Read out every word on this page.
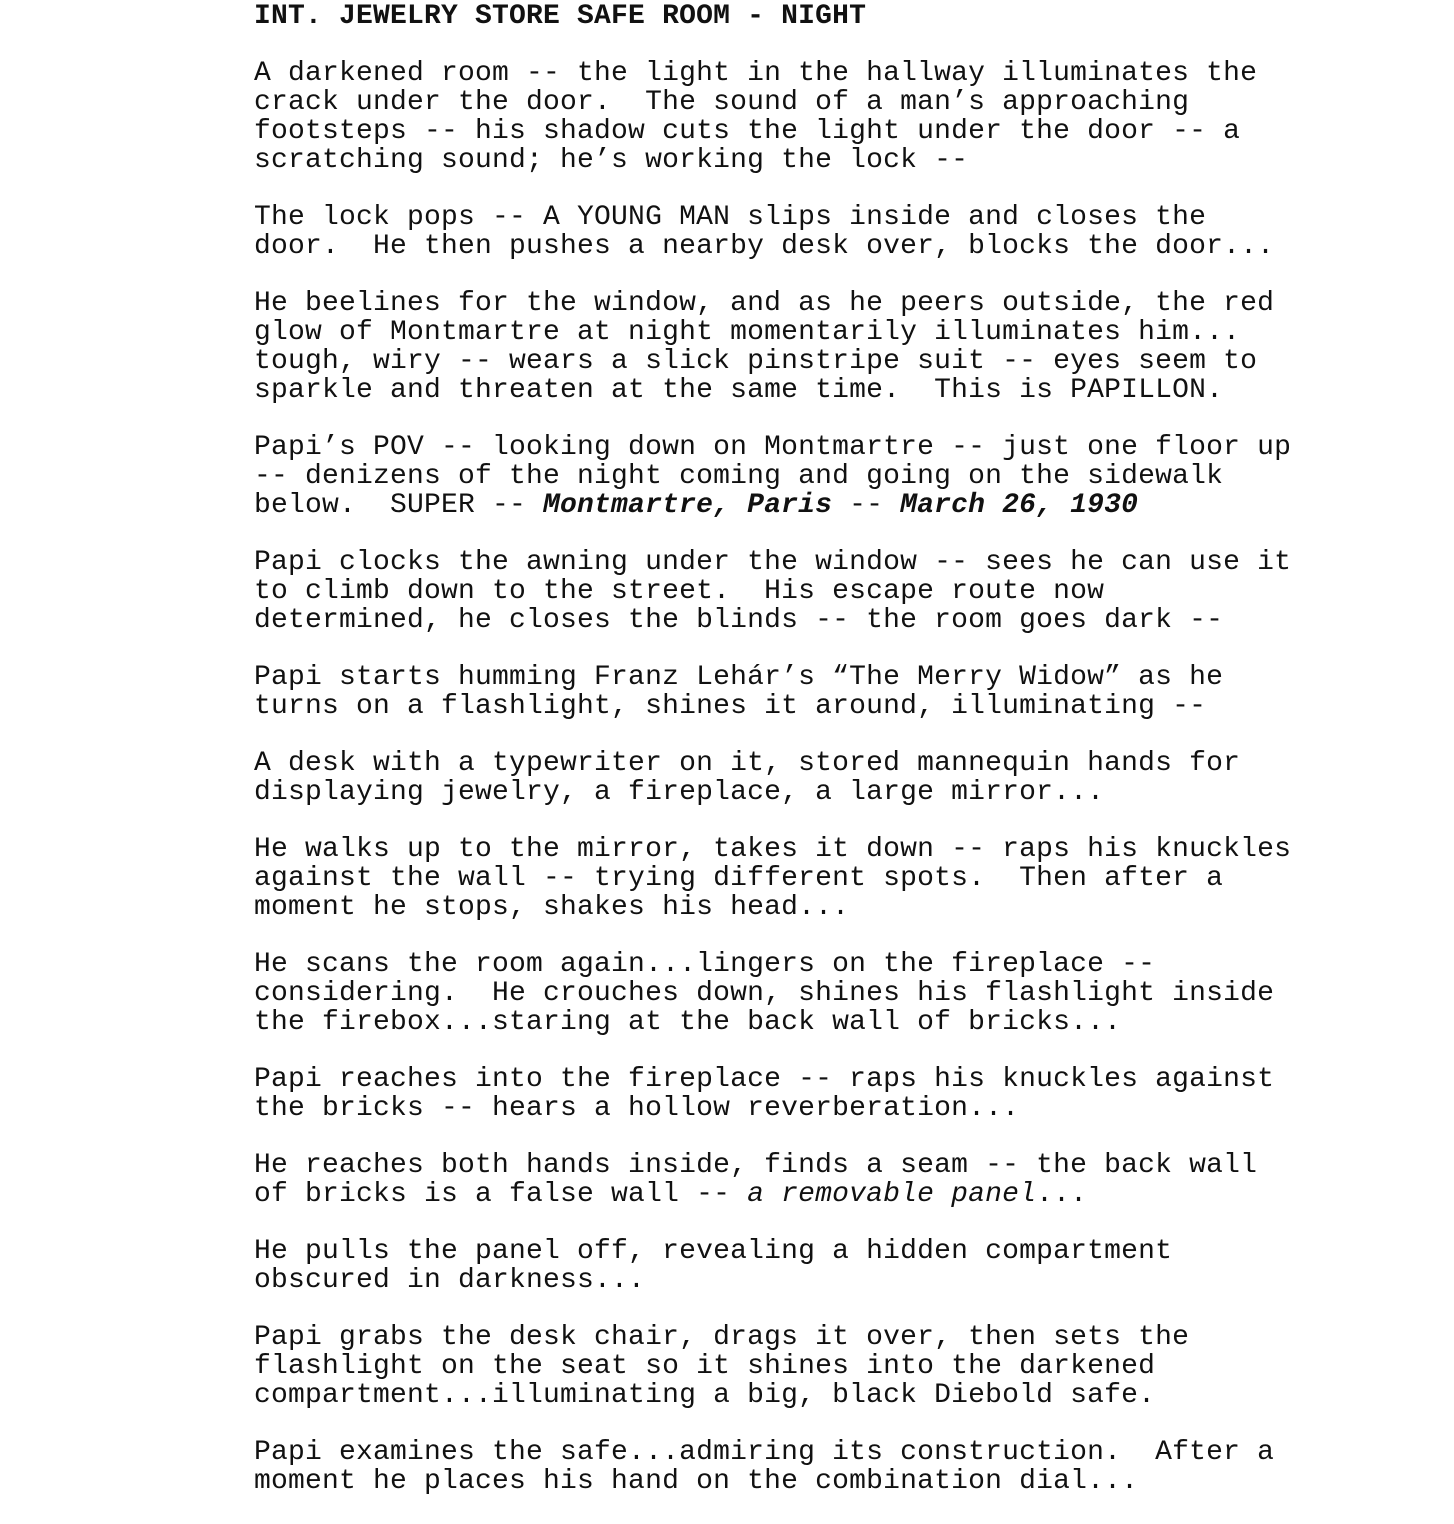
INT. JEWELRY STORE SAFE ROOM - NIGHT
A darkened room -- the light in the hallway illuminates the
crack under the door.  The sound of a man’s approaching
footsteps -- his shadow cuts the light under the door -- a
scratching sound; he’s working the lock --
The lock pops -- A YOUNG MAN slips inside and closes the
door.  He then pushes a nearby desk over, blocks the door...
He beelines for the window, and as he peers outside, the red
glow of Montmartre at night momentarily illuminates him...
tough, wiry -- wears a slick pinstripe suit -- eyes seem to
sparkle and threaten at the same time.  This is PAPILLON.
Papi’s POV -- looking down on Montmartre -- just one floor up
-- denizens of the night coming and going on the sidewalk
below.  SUPER -- Montmartre, Paris -- March 26, 1930
Papi clocks the awning under the window -- sees he can use it
to climb down to the street.  His escape route now
determined, he closes the blinds -- the room goes dark --
Papi starts humming Franz Lehár’s “The Merry Widow” as he
turns on a flashlight, shines it around, illuminating --
A desk with a typewriter on it, stored mannequin hands for
displaying jewelry, a fireplace, a large mirror...
He walks up to the mirror, takes it down -- raps his knuckles
against the wall -- trying different spots.  Then after a
moment he stops, shakes his head...
He scans the room again...lingers on the fireplace --
considering.  He crouches down, shines his flashlight inside
the firebox...staring at the back wall of bricks...
Papi reaches into the fireplace -- raps his knuckles against
the bricks -- hears a hollow reverberation...
He reaches both hands inside, finds a seam -- the back wall
of bricks is a false wall -- a removable panel...
He pulls the panel off, revealing a hidden compartment
obscured in darkness...
Papi grabs the desk chair, drags it over, then sets the
flashlight on the seat so it shines into the darkened
compartment...illuminating a big, black Diebold safe.
Papi examines the safe...admiring its construction.  After a
moment he places his hand on the combination dial...
